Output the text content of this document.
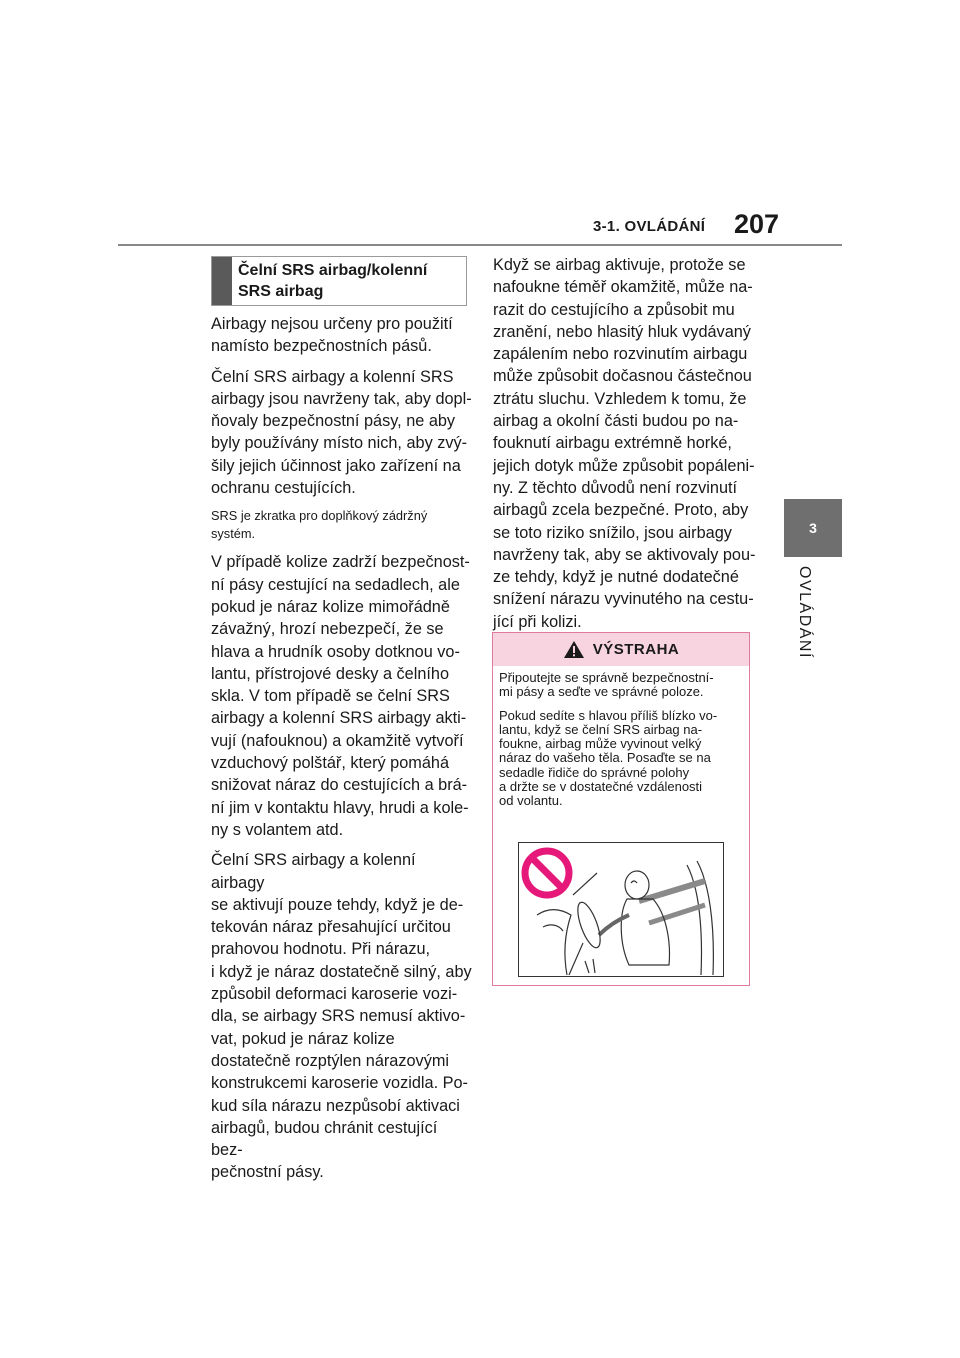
3-1. OVLÁDÁNÍ 207
3
OVLÁDÁNÍ
Čelní SRS airbag/kolenní SRS airbag

Airbagy nejsou určeny pro použití
namísto bezpečnostních pásů.

Čelní SRS airbagy a kolenní SRS
airbagy jsou navrženy tak, aby dopl-
ňovaly bezpečnostní pásy, ne aby
byly používány místo nich, aby zvý-
šily jejich účinnost jako zařízení na
ochranu cestujících.

SRS je zkratka pro doplňkový zádržný
systém.

V případě kolize zadrží bezpečnost-
ní pásy cestující na sedadlech, ale
pokud je náraz kolize mimořádně
závažný, hrozí nebezpečí, že se
hlava a hrudník osoby dotknou vo-
lantu, přístrojové desky a čelního
skla. V tom případě se čelní SRS
airbagy a kolenní SRS airbagy akti-
vují (nafouknou) a okamžitě vytvoří
vzduchový polštář, který pomáhá
snižovat náraz do cestujících a brá-
ní jim v kontaktu hlavy, hrudi a kole-
ny s volantem atd.

Čelní SRS airbagy a kolenní airbagy
se aktivují pouze tehdy, když je de-
tekován náraz přesahující určitou
prahovou hodnotu. Při nárazu,
i když je náraz dostatečně silný, aby
způsobil deformaci karoserie vozi-
dla, se airbagy SRS nemusí aktivo-
vat, pokud je náraz kolize
dostatečně rozptýlen nárazovými
konstrukcemi karoserie vozidla. Po-
kud síla nárazu nezpůsobí aktivaci
airbagů, budou chránit cestující bez-
pečnostní pásy.

Když se airbag aktivuje, protože se
nafoukne téměř okamžitě, může na-
razit do cestujícího a způsobit mu
zranění, nebo hlasitý hluk vydávaný
zapálením nebo rozvinutím airbagu
může způsobit dočasnou částečnou
ztrátu sluchu. Vzhledem k tomu, že
airbag a okolní části budou po na-
fouknutí airbagu extrémně horké,
jejich dotyk může způsobit popáleni-
ny. Z těchto důvodů není rozvinutí
airbagů zcela bezpečné. Proto, aby
se toto riziko snížilo, jsou airbagy
navrženy tak, aby se aktivovaly pou-
ze tehdy, když je nutné dodatečné
snížení nárazu vyvinutého na cestu-
jící při kolizi.

VÝSTRAHA

Připoutejte se správně bezpečnostní-
mi pásy a seďte ve správné poloze.

Pokud sedíte s hlavou příliš blízko vo-
lantu, když se čelní SRS airbag na-
foukne, airbag může vyvinout velký
náraz do vašeho těla. Posaďte se na
sedadle řidiče do správné polohy
a držte se v dostatečné vzdálenosti
od volantu.
